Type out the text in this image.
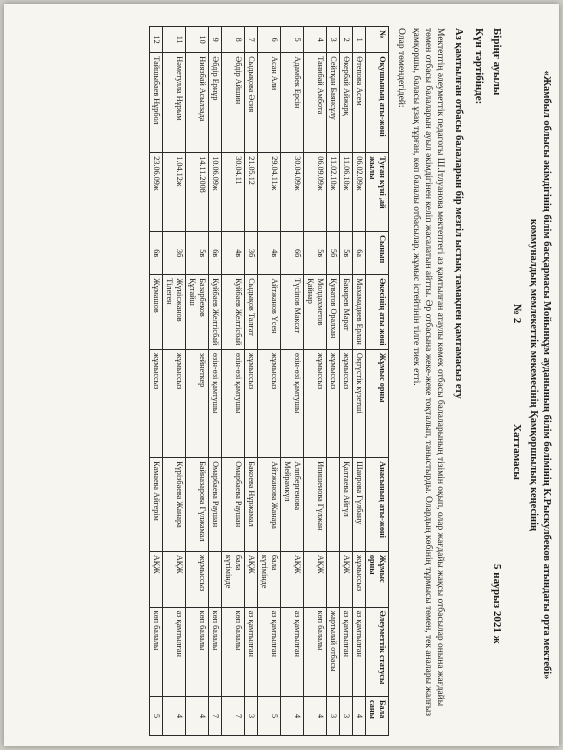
«Жамбыл облысы әкімдігінің білім басқармасы Мойынқұм ауданының білім бөлімінің К.Рыскулбеков атындағы орта мектебі»
коммуналдық мемлекеттік мекемесінің Қамқоршылық кеңесінің
№ 2
Хаттамасы
Біріңғ ауылы
5 наурыз 2021 ж
Күн тәртібінде:
Аз қамтылған отбасы балаларын бір мезгіл ыстық тамақпен қамтамасыз ету
Мектептің әлеуметтік педагогы Ш.Ітлуанова мектептегі аз қамтылған атаулы көмек отбасы балаларының тізімін оқып, олар жағдайы жақсы отбасылар онына жағдайы төмен отбасы балаларын ауыл әкімдігінен келіп жасалатын айтты. Әр отбасына жеке-жеке тоқталып, таныстырды. Олардың көбінің тұрмысы төмен, тек аналары жалғыз қамқоршы, баласы ұзақ тұрған, көп балалы отбасылар, жұмыс істейтінін тілге тиек етті.
Олар төмендегідей:
№	Оқушының аты-жөні	Туған күні ,ай жылы	Сынып	Әкесінің аты жөні	Жұмыс орны	Анасының аты-жөні	Жұмыс орны	Әлеуметтік статусы	Бала саны
1	Өтепова Асем	06.02.09ж	6а	Махамадиев Ерлан	Оңтүстік күзетші	Шаирова Гүлбану	жұмыссыз	аз қамтылған	4
2	Өкербай Айжарқ	11.06.10ж	5в	Бакирев Марат	жұмыссыз	Қалтаева Айгүл	АҚЖ	аз қамтылған	3
3	Сейтқан Баянсұлу	11.02.10ж	5б	Қуватов Оралхан	жұмыссыз			жартылай отбасы	3
4	Танибай Амбота	06.09.09ж	5в	Молдахметов Қайнар	жұмыссыз	Ипишенова Гүлжан	АҚЖ	көп балалы	4
5	Адамбек Ерсін	30.04.09ж	6б	Түсіпов Максат	өзін-өзі қамтушы	Алпбергенова Мейрамкүл	АҚЖ	аз қамтылған	4
6	Асан Али	29.04.11ж	4в	Айтжанов Үсен	жұмыссыз	Айтжанова Жанара	бала күтімінде	аз қамтылған	5
7	Сыдықова Әсия	21.05.12	3б	Сыдықов Талғат	жұмыссыз	Бакоева Нұржамал	АҚЖ	аз қамтылған	3
8	Әбдір Айшин	30.04.11	4в	Куйбаев Желтісбай	өзін-өзі қамтушы	Омарбаева Раушан	бала күтімінде	көп балалы	7
9	Әбдір Ернұр	10.06.09ж	6в	Куйбаев Желтісбай	өзін-өзі қамтушы	Омарбаева Раушан		көп балалы	7
10	Ниязбай Асылзада	14.11.2008	5в	Базарбеков Құтайш	зейнеткер	Байназарова Гүлжамал	жұмыссыз	көп балалы	4
11	Нәметулла Нұрым	1.04.12ж	3б	Жүнісжанов Тілеген	жұмыссыз	Күрізбаева Жанара	АҚЖ	аз қамтылған	4
12	Тайшыбаев Нұрбол	23.06.09ж	6в	Жұмашов	жұмыссыз	Камаева Айгерім	АҚЖ	көп балалы	5
